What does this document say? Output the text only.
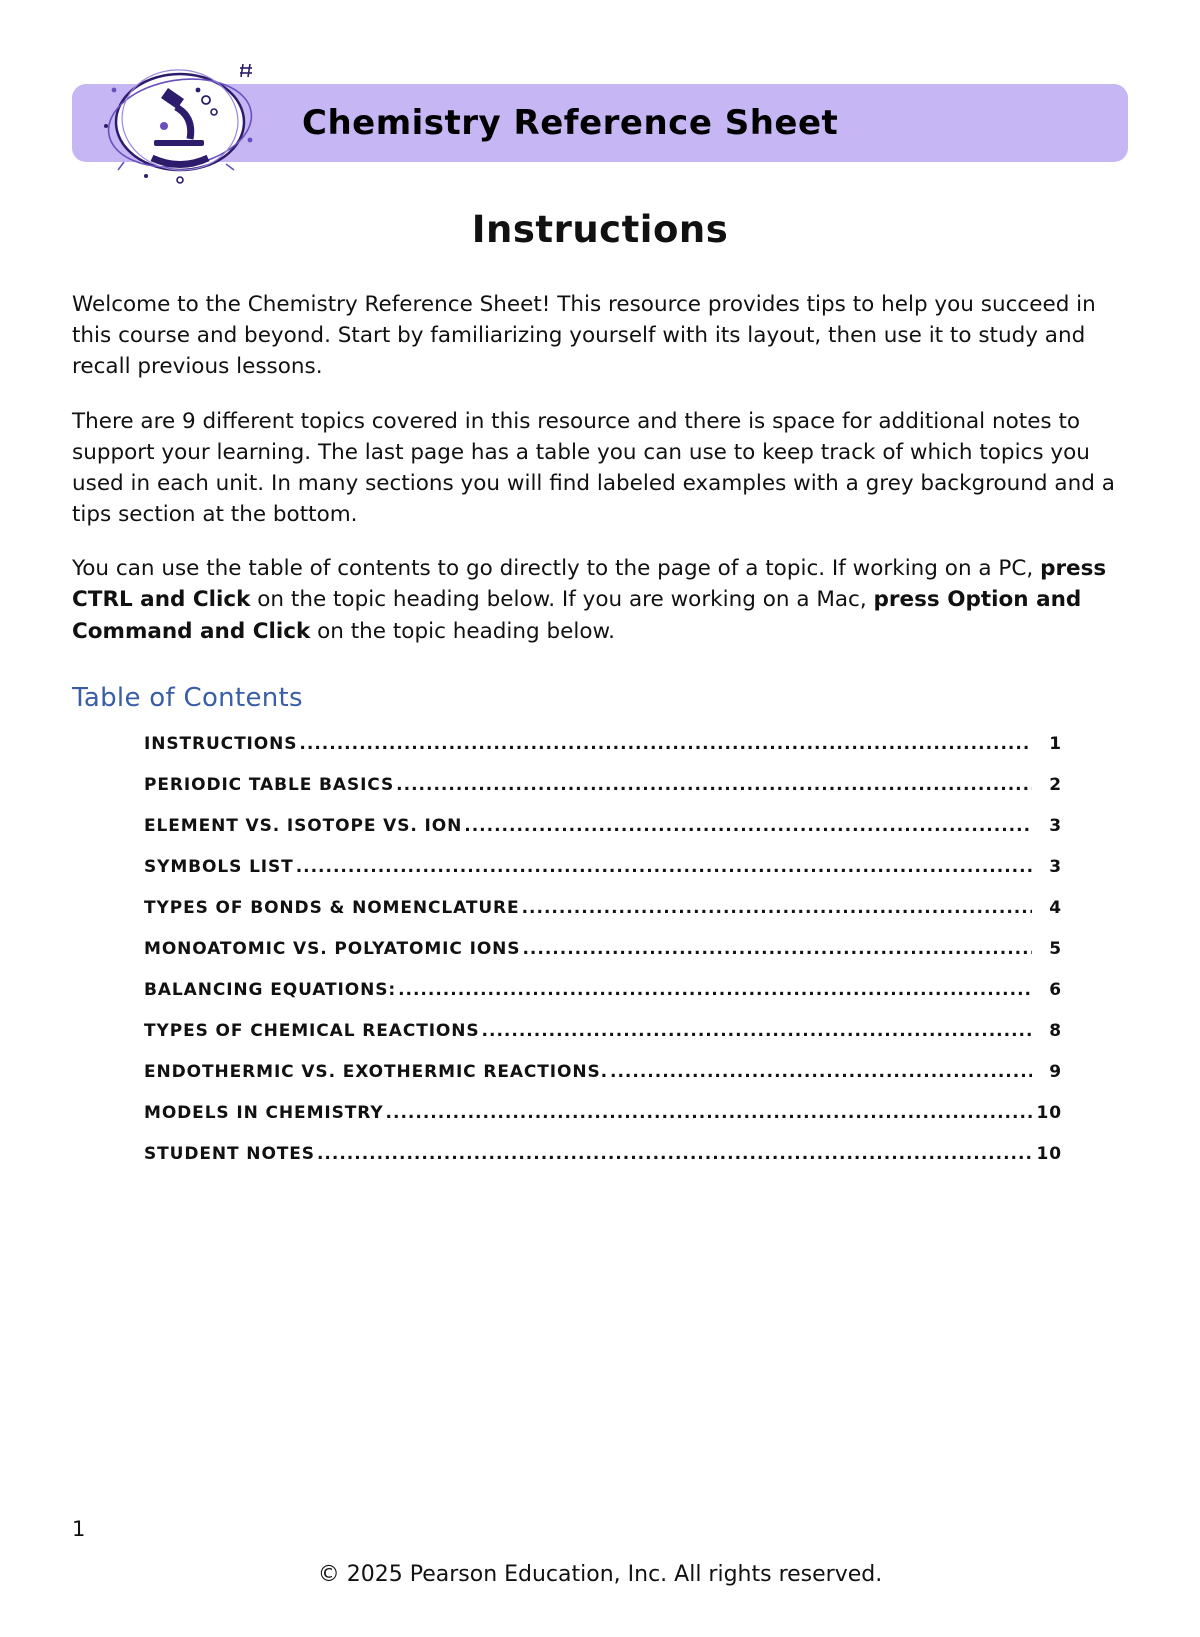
Chemistry Reference Sheet
Instructions

Welcome to the Chemistry Reference Sheet! This resource provides tips to help you succeed in this course and beyond. Start by familiarizing yourself with its layout, then use it to study and recall previous lessons.

There are 9 different topics covered in this resource and there is space for additional notes to support your learning. The last page has a table you can use to keep track of which topics you used in each unit. In many sections you will find labeled examples with a grey background and a tips section at the bottom.

You can use the table of contents to go directly to the page of a topic. If working on a PC, press CTRL and Click on the topic heading below. If you are working on a Mac, press Option and Command and Click on the topic heading below.

Table of Contents
INSTRUCTIONS .....	1
PERIODIC TABLE BASICS .....	2
ELEMENT VS. ISOTOPE VS. ION .....	3
SYMBOLS LIST .....	3
TYPES OF BONDS & NOMENCLATURE .....	4
MONOATOMIC VS. POLYATOMIC IONS .....	5
BALANCING EQUATIONS: .....	6
TYPES OF CHEMICAL REACTIONS .....	8
ENDOTHERMIC VS. EXOTHERMIC REACTIONS. .....	9
MODELS IN CHEMISTRY .....	10
STUDENT NOTES .....	10
1
© 2025 Pearson Education, Inc. All rights reserved.
